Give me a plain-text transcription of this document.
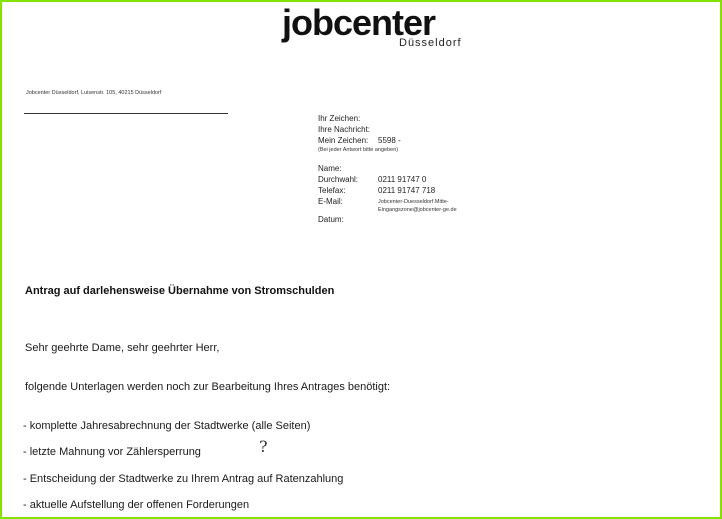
jobcenter
Düsseldorf
Jobcenter Düsseldorf, Luisenstr. 105, 40215 Düsseldorf
Ihr Zeichen:
Ihre Nachricht:
Mein Zeichen: 5598 -
(Bei jeder Antwort bitte angeben)
Name:
Durchwahl: 0211 91747 0
Telefax:	0211 91747 718
E-Mail:	Jobcenter-Duesseldorf.Mitte-
Eingangszone@jobcenter-ge.de
Datum:
Antrag auf darlehensweise Übernahme von Stromschulden
Sehr geehrte Dame, sehr geehrter Herr,
folgende Unterlagen werden noch zur Bearbeitung Ihres Antrages benötigt:
- komplette Jahresabrechnung der Stadtwerke (alle Seiten)
- letzte Mahnung vor Zählersperrung
- Entscheidung der Stadtwerke zu Ihrem Antrag auf Ratenzahlung
- aktuelle Aufstellung der offenen Forderungen
?
